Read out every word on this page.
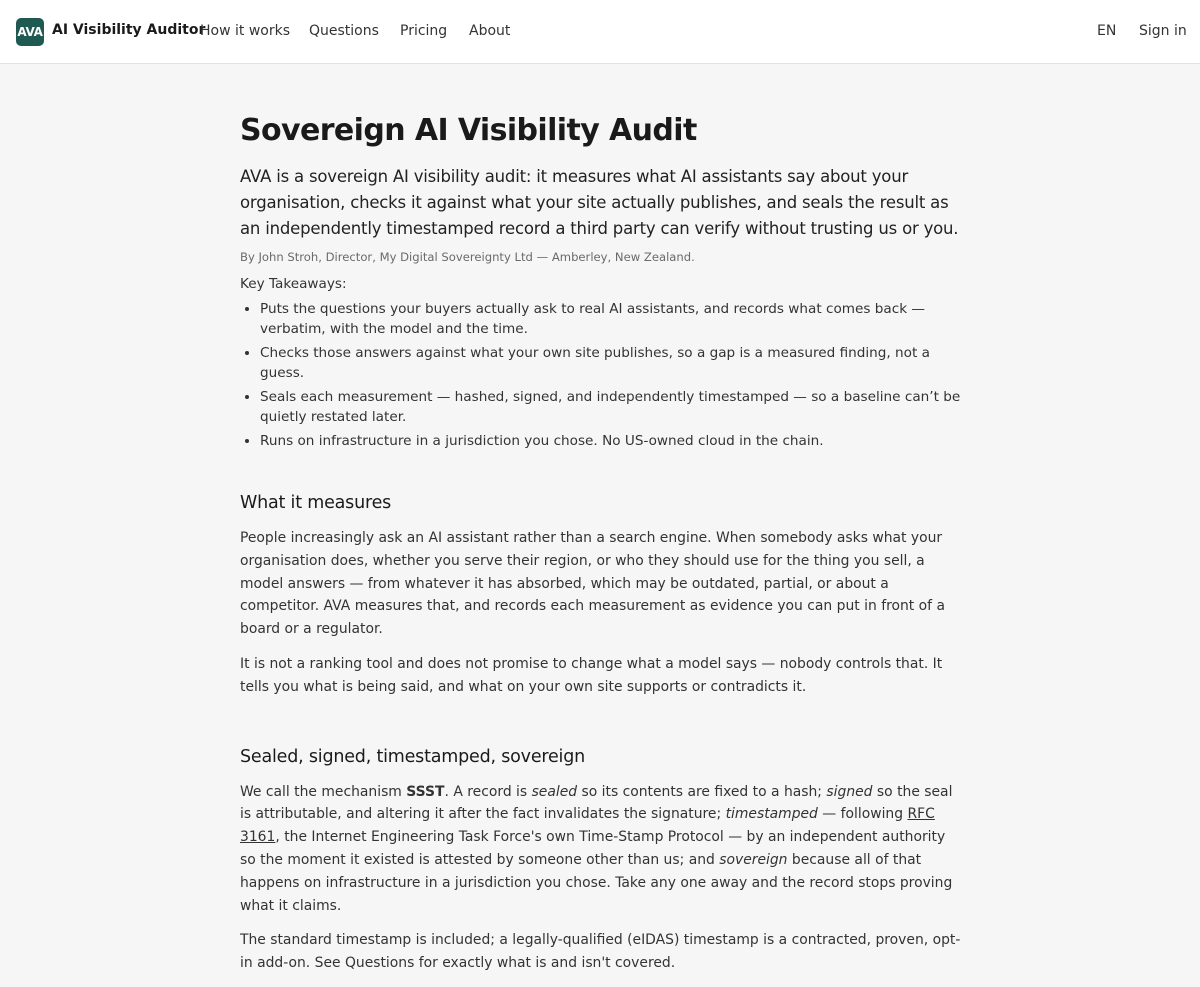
AVA AI Visibility Auditor
How it works Questions Pricing About	EN Sign in
Sovereign AI Visibility Audit

AVA is a sovereign AI visibility audit: it measures what AI assistants say about your organisation, checks it against what your site actually publishes, and seals the result as an independently timestamped record a third party can verify without trusting us or you.

By John Stroh, Director, My Digital Sovereignty Ltd — Amberley, New Zealand.

Key Takeaways:

• Puts the questions your buyers actually ask to real AI assistants, and records what comes back — verbatim, with the model and the time.
• Checks those answers against what your own site publishes, so a gap is a measured finding, not a guess.
• Seals each measurement — hashed, signed, and independently timestamped — so a baseline can’t be quietly restated later.
• Runs on infrastructure in a jurisdiction you chose. No US-owned cloud in the chain.
What it measures

People increasingly ask an AI assistant rather than a search engine. When somebody asks what your organisation does, whether you serve their region, or who they should use for the thing you sell, a model answers — from whatever it has absorbed, which may be outdated, partial, or about a competitor. AVA measures that, and records each measurement as evidence you can put in front of a board or a regulator.

It is not a ranking tool and does not promise to change what a model says — nobody controls that. It tells you what is being said, and what on your own site supports or contradicts it.

Sealed, signed, timestamped, sovereign

We call the mechanism SSST. A record is sealed so its contents are fixed to a hash; signed so the seal is attributable, and altering it after the fact invalidates the signature; timestamped — following RFC 3161, the Internet Engineering Task Force's own Time-Stamp Protocol — by an independent authority so the moment it existed is attested by someone other than us; and sovereign because all of that happens on infrastructure in a jurisdiction you chose. Take any one away and the record stops proving what it claims.

The standard timestamp is included; a legally-qualified (eIDAS) timestamp is a contracted, proven, opt-in add-on. See Questions for exactly what is and isn't covered.
